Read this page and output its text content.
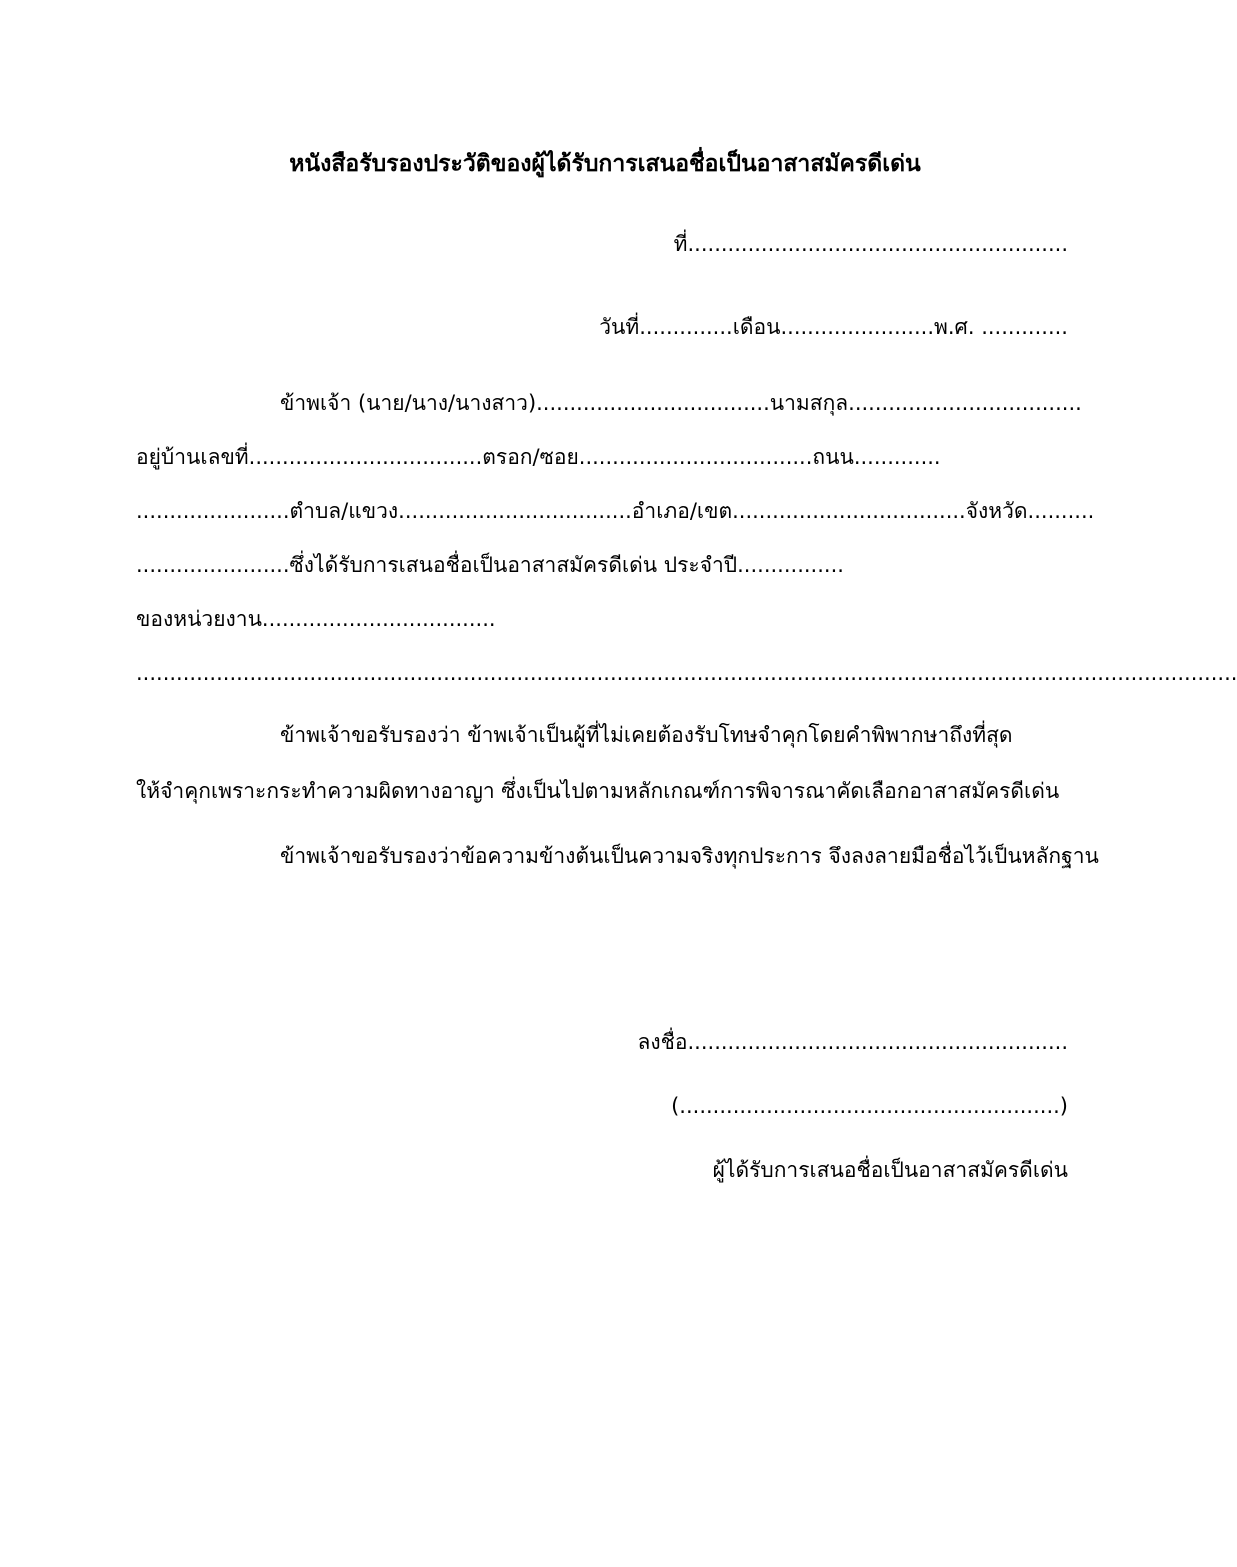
หนังสือรับรองประวัติของผู้ได้รับการเสนอชื่อเป็นอาสาสมัครดีเด่น
ที่.........................................................
วันที่..............เดือน.......................พ.ศ. .............
ข้าพเจ้า (นาย/นาง/นางสาว)...................................นามสกุล...................................
อยู่บ้านเลขที่...................................ตรอก/ซอย...................................ถนน.............
.......................ตำบล/แขวง...................................อำเภอ/เขต...................................จังหวัด..........
.......................ซึ่งได้รับการเสนอชื่อเป็นอาสาสมัครดีเด่น ประจำปี................
ของหน่วยงาน...................................
.....................................................................................................................................................................
ข้าพเจ้าขอรับรองว่า ข้าพเจ้าเป็นผู้ที่ไม่เคยต้องรับโทษจำคุกโดยคำพิพากษาถึงที่สุด
ให้จำคุกเพราะกระทำความผิดทางอาญา ซึ่งเป็นไปตามหลักเกณฑ์การพิจารณาคัดเลือกอาสาสมัครดีเด่น
ข้าพเจ้าขอรับรองว่าข้อความข้างต้นเป็นความจริงทุกประการ จึงลงลายมือชื่อไว้เป็นหลักฐาน
ลงชื่อ.........................................................
(.........................................................)
ผู้ได้รับการเสนอชื่อเป็นอาสาสมัครดีเด่น
